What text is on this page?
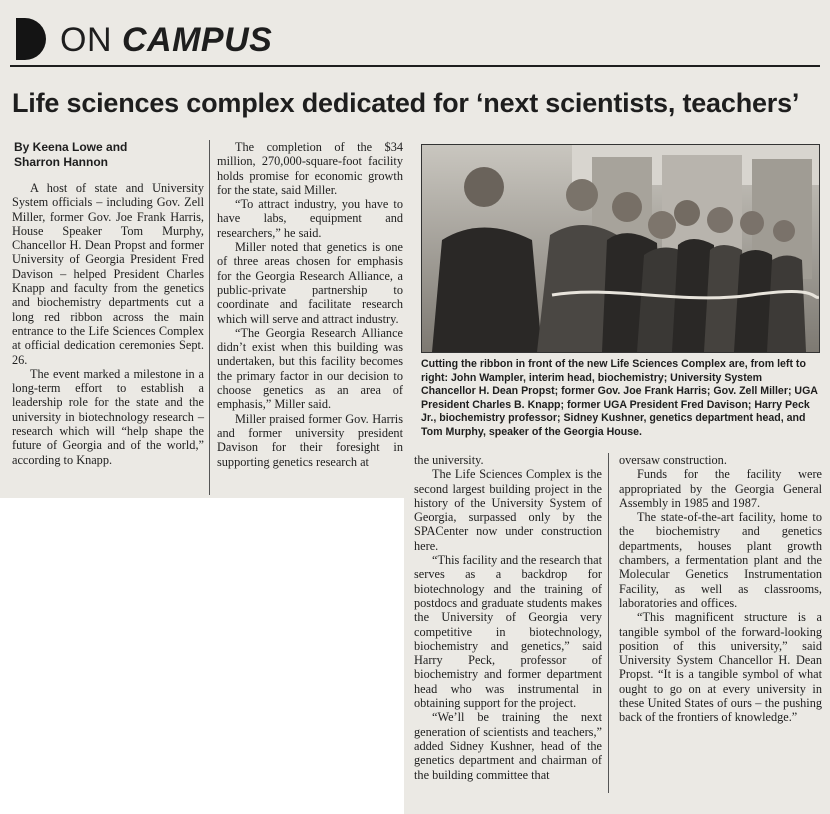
ON CAMPUS
Life sciences complex dedicated for ‘next scientists, teachers’
By Keena Lowe and
Sharron Hannon

A host of state and University System officials – including Gov. Zell Miller, former Gov. Joe Frank Harris, House Speaker Tom Murphy, Chancellor H. Dean Propst and former University of Georgia President Fred Davison – helped President Charles Knapp and faculty from the genetics and biochemistry departments cut a long red ribbon across the main entrance to the Life Sciences Complex at official dedication ceremonies Sept. 26.

The event marked a milestone in a long-term effort to establish a leadership role for the state and the university in biotechnology research – research which will “help shape the future of Georgia and of the world,” according to Knapp.

The completion of the $34 million, 270,000-square-foot facility holds promise for economic growth for the state, said Miller.

“To attract industry, you have to have labs, equipment and researchers,” he said.

Miller noted that genetics is one of three areas chosen for emphasis for the Georgia Research Alliance, a public-private partnership to coordinate and facilitate research which will serve and attract industry.

“The Georgia Research Alliance didn’t exist when this building was undertaken, but this facility becomes the primary factor in our decision to choose genetics as an area of emphasis,” Miller said.

Miller praised former Gov. Harris and former university president Davison for their foresight in supporting genetics research at

Cutting the ribbon in front of the new Life Sciences Complex are, from left to right: John Wampler, interim head, biochemistry; University System Chancellor H. Dean Propst; former Gov. Joe Frank Harris; Gov. Zell Miller; UGA President Charles B. Knapp; former UGA President Fred Davison; Harry Peck Jr., biochemistry professor; Sidney Kushner, genetics department head, and Tom Murphy, speaker of the Georgia House.

the university.

The Life Sciences Complex is the second largest building project in the history of the University System of Georgia, surpassed only by the SPACenter now under construction here.

“This facility and the research that serves as a backdrop for biotechnology and the training of postdocs and graduate students makes the University of Georgia very competitive in biotechnology, biochemistry and genetics,” said Harry Peck, professor of biochemistry and former department head who was instrumental in obtaining support for the project.

“We’ll be training the next generation of scientists and teachers,” added Sidney Kushner, head of the genetics department and chairman of the building committee that

oversaw construction.

Funds for the facility were appropriated by the Georgia General Assembly in 1985 and 1987.

The state-of-the-art facility, home to the biochemistry and genetics departments, houses plant growth chambers, a fermentation plant and the Molecular Genetics Instrumentation Facility, as well as classrooms, laboratories and offices.

“This magnificent structure is a tangible symbol of the forward-looking position of this university,” said University System Chancellor H. Dean Propst. “It is a tangible symbol of what ought to go on at every university in these United States of ours – the pushing back of the frontiers of knowledge.”
